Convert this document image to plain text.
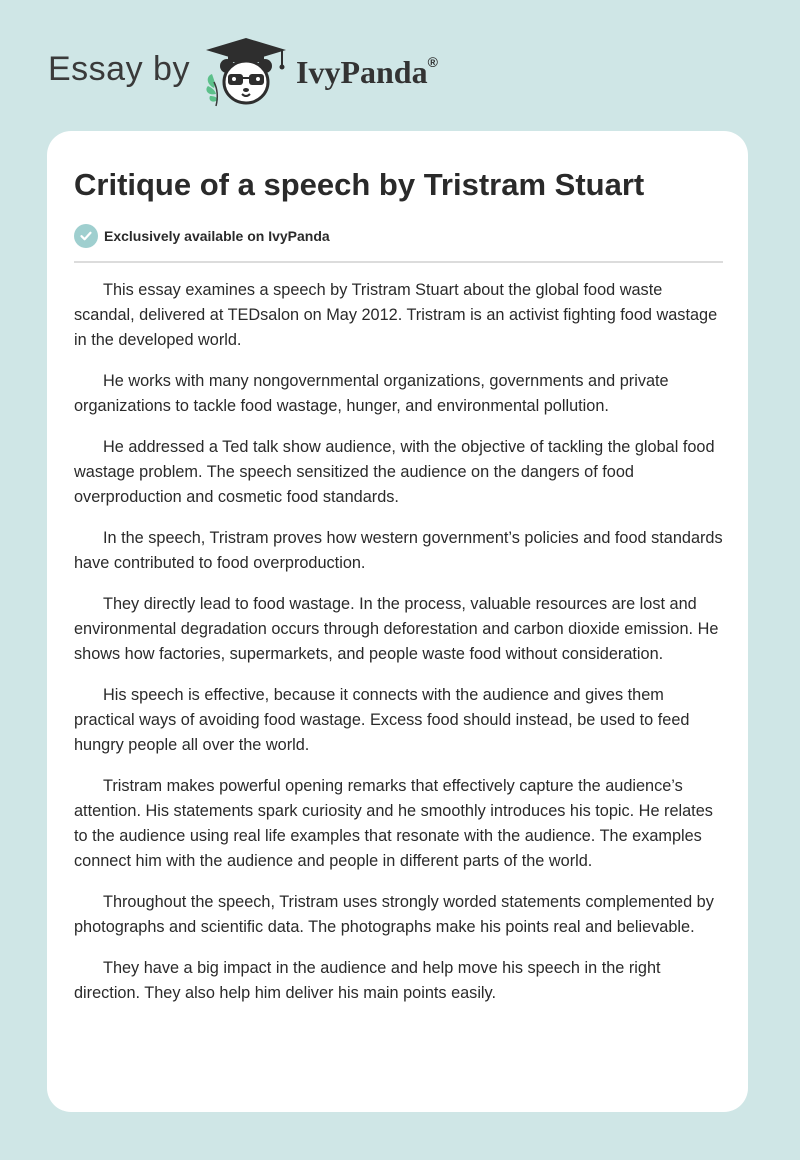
Essay by	IvyPanda®
Critique of a speech by Tristram Stuart
Exclusively available on IvyPanda

This essay examines a speech by Tristram Stuart about the global food waste scandal, delivered at TEDsalon on May 2012. Tristram is an activist fighting food wastage in the developed world.

He works with many nongovernmental organizations, governments and private organizations to tackle food wastage, hunger, and environmental pollution.

He addressed a Ted talk show audience, with the objective of tackling the global food wastage problem. The speech sensitized the audience on the dangers of food overproduction and cosmetic food standards.

In the speech, Tristram proves how western government’s policies and food standards have contributed to food overproduction.

They directly lead to food wastage. In the process, valuable resources are lost and environmental degradation occurs through deforestation and carbon dioxide emission. He shows how factories, supermarkets, and people waste food without consideration.

His speech is effective, because it connects with the audience and gives them practical ways of avoiding food wastage. Excess food should instead, be used to feed hungry people all over the world.

Tristram makes powerful opening remarks that effectively capture the audience’s attention. His statements spark curiosity and he smoothly introduces his topic. He relates to the audience using real life examples that resonate with the audience. The examples connect him with the audience and people in different parts of the world.

Throughout the speech, Tristram uses strongly worded statements complemented by photographs and scientific data. The photographs make his points real and believable.

They have a big impact in the audience and help move his speech in the right direction. They also help him deliver his main points easily.
